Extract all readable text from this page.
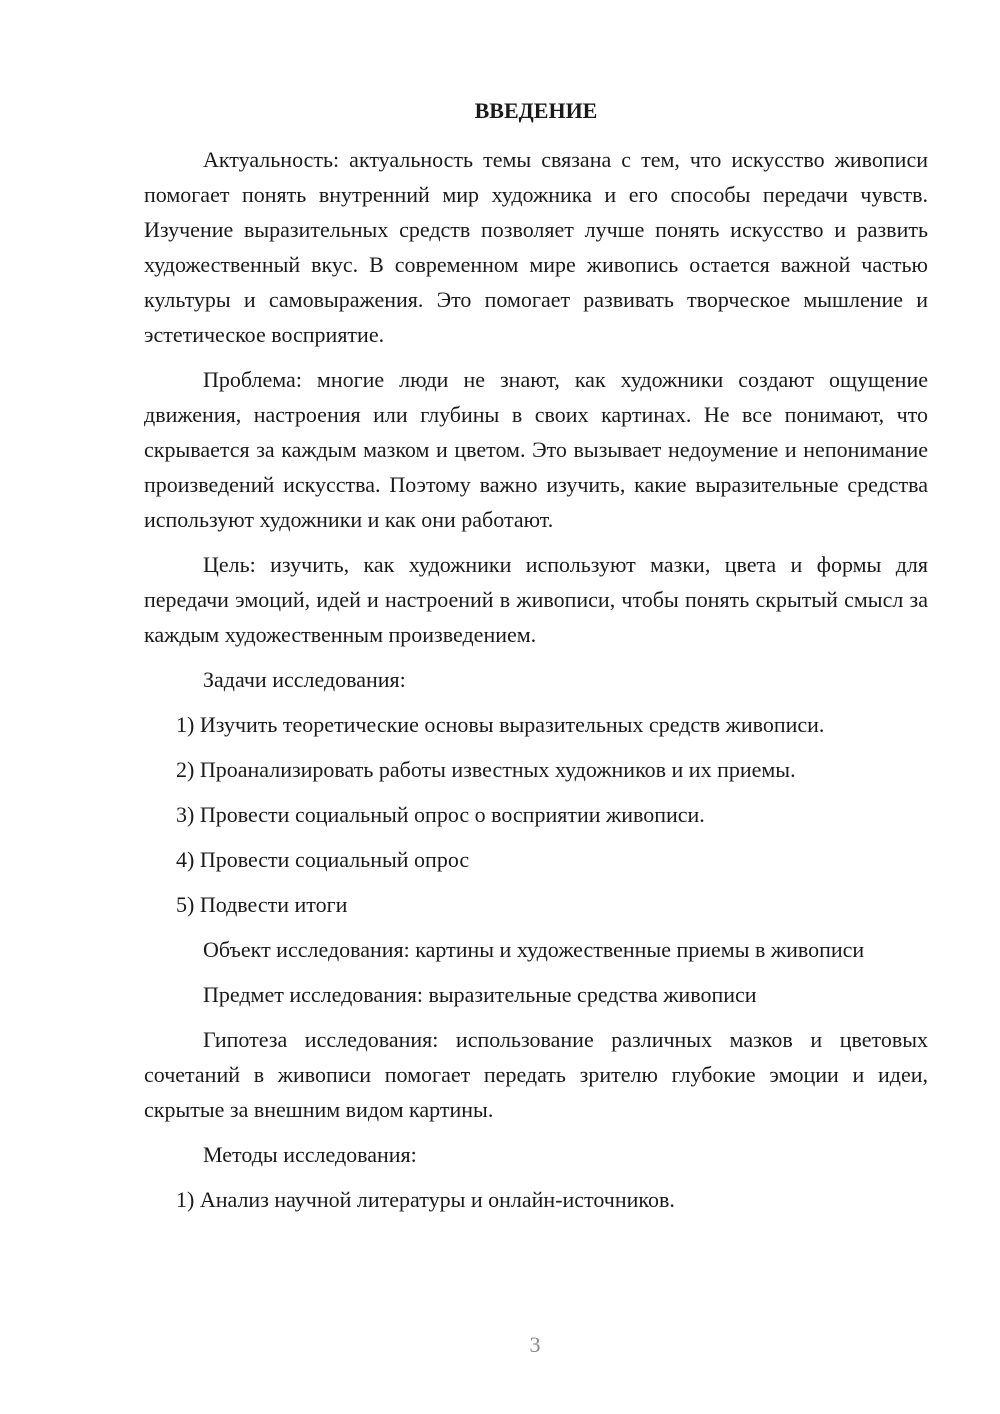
ВВЕДЕНИЕ

Актуальность: актуальность темы связана с тем, что искусство живописи помогает понять внутренний мир художника и его способы передачи чувств. Изучение выразительных средств позволяет лучше понять искусство и развить художественный вкус. В современном мире живопись остается важной частью культуры и самовыражения. Это помогает развивать творческое мышление и эстетическое восприятие.

Проблема: многие люди не знают, как художники создают ощущение движения, настроения или глубины в своих картинах. Не все понимают, что скрывается за каждым мазком и цветом. Это вызывает недоумение и непонимание произведений искусства. Поэтому важно изучить, какие выразительные средства используют художники и как они работают.

Цель: изучить, как художники используют мазки, цвета и формы для передачи эмоций, идей и настроений в живописи, чтобы понять скрытый смысл за каждым художественным произведением.

Задачи исследования:

1) Изучить теоретические основы выразительных средств живописи.

2) Проанализировать работы известных художников и их приемы.

3) Провести социальный опрос о восприятии живописи.

4) Провести социальный опрос

5) Подвести итоги

Объект исследования: картины и художественные приемы в живописи

Предмет исследования: выразительные средства живописи

Гипотеза исследования: использование различных мазков и цветовых сочетаний в живописи помогает передать зрителю глубокие эмоции и идеи, скрытые за внешним видом картины.

Методы исследования:

1) Анализ научной литературы и онлайн-источников.

3
